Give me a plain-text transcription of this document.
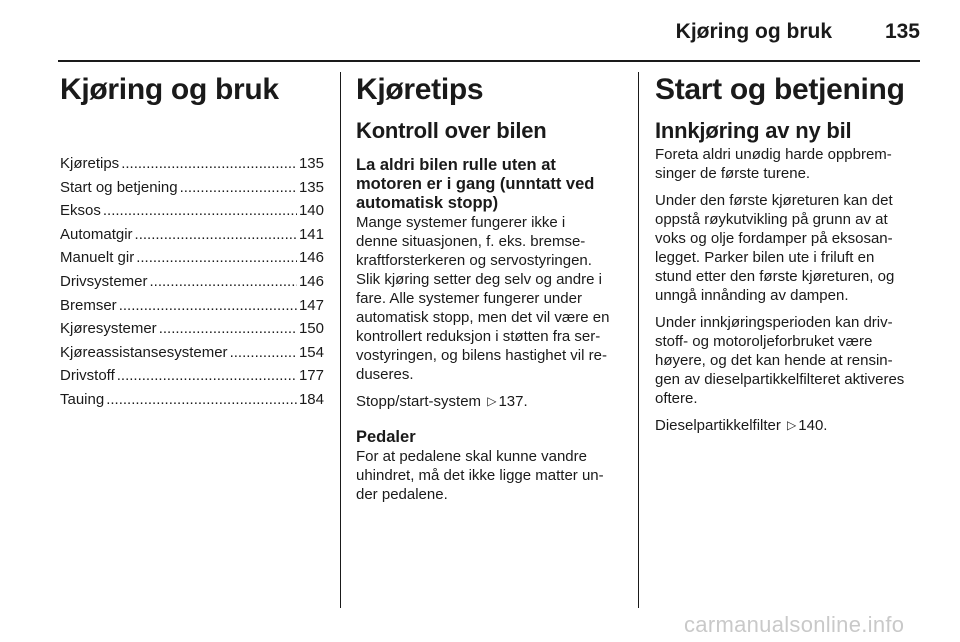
Kjøring og bruk	135
Kjøring og bruk
Kjøretips .....	135
Start og betjening .....	135
Eksos .....	140
Automatgir .....	141
Manuelt gir .....	146
Drivsystemer .....	146
Bremser .....	147
Kjøresystemer .....	150
Kjøreassistansesystemer .....	154
Drivstoff .....	177
Tauing .....	184
Kjøretips
Kontroll over bilen
La aldri bilen rulle uten at
motoren er i gang (unntatt ved
automatisk stopp)
Mange systemer fungerer ikke i
denne situasjonen, f. eks. bremse-
kraftforsterkeren og servostyringen.
Slik kjøring setter deg selv og andre i
fare. Alle systemer fungerer under
automatisk stopp, men det vil være en
kontrollert reduksjon i støtten fra ser-
vostyringen, og bilens hastighet vil re-
duseres.
Stopp/start-system ▷ 137.
Pedaler
For at pedalene skal kunne vandre
uhindret, må det ikke ligge matter un-
der pedalene.
Start og betjening
Innkjøring av ny bil
Foreta aldri unødig harde oppbrem-
singer de første turene.
Under den første kjøreturen kan det
oppstå røykutvikling på grunn av at
voks og olje fordamper på eksosan-
legget. Parker bilen ute i friluft en
stund etter den første kjøreturen, og
unngå innånding av dampen.
Under innkjøringsperioden kan driv-
stoff- og motoroljeforbruket være
høyere, og det kan hende at rensin-
gen av dieselpartikkelfilteret aktiveres
oftere.
Dieselpartikkelfilter ▷ 140.
carmanualsonline.info
